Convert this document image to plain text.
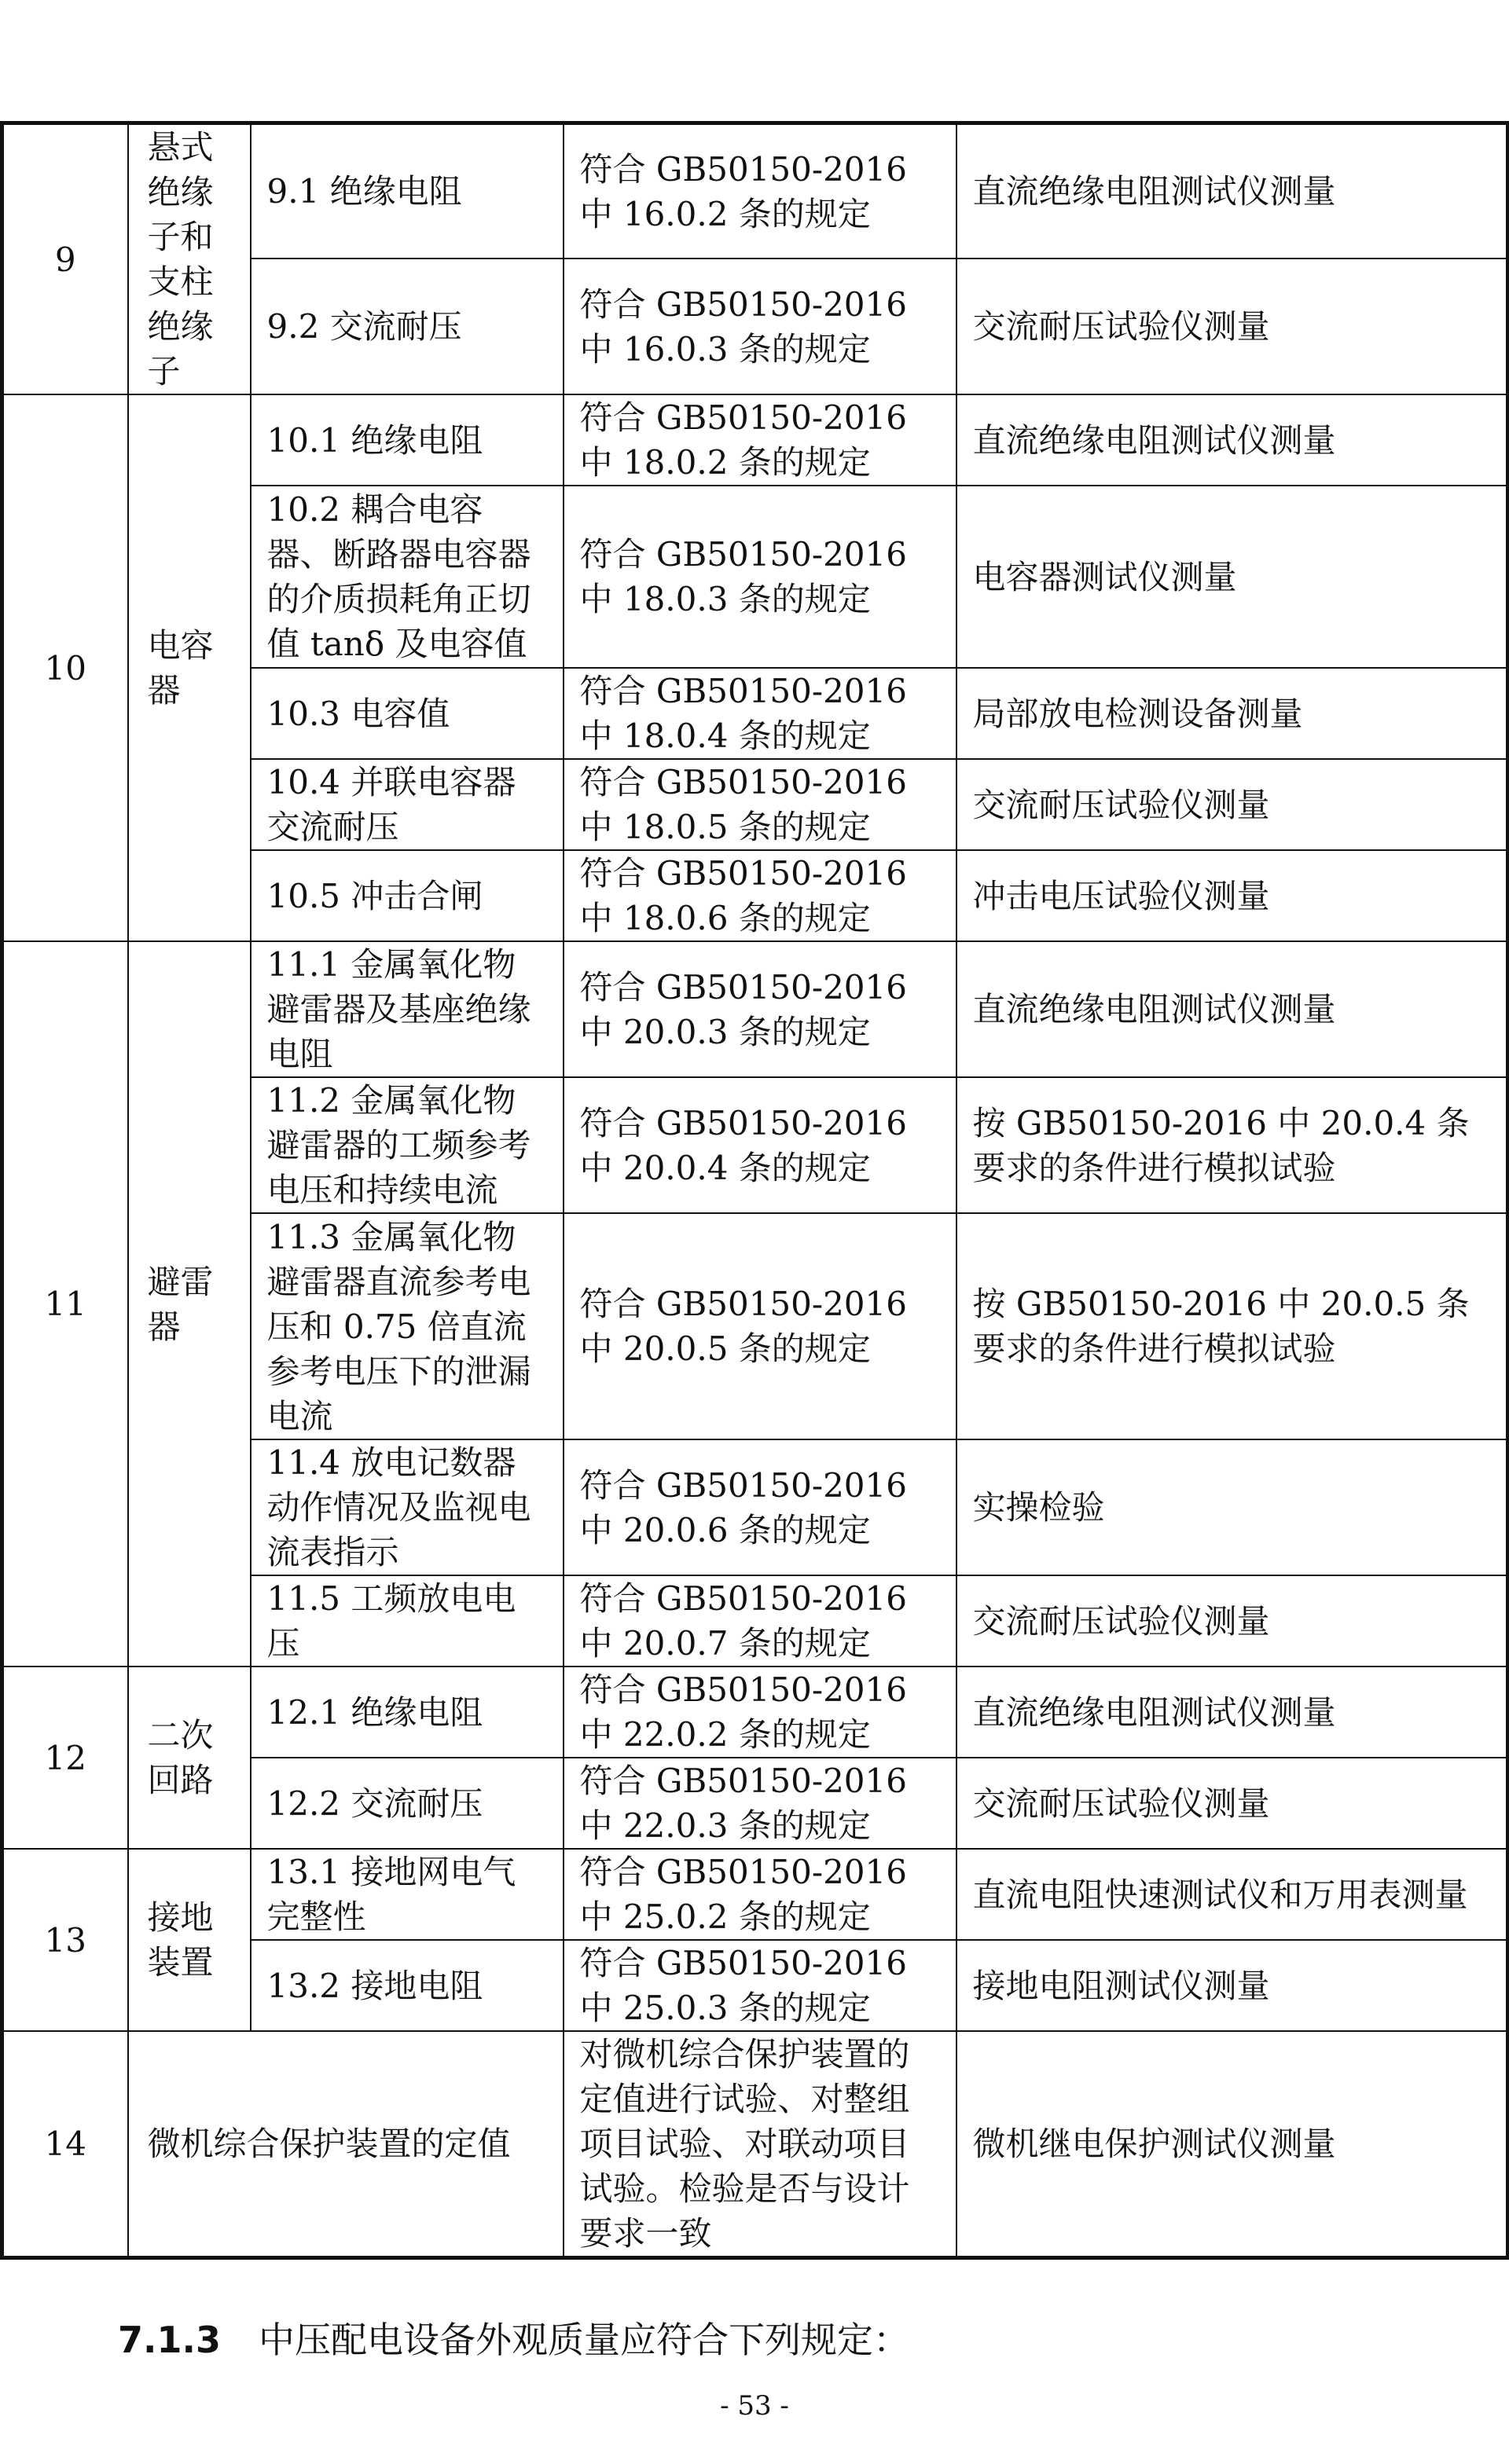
9	悬式绝缘子和支柱绝缘子	9.1 绝缘电阻	符合 GB50150-2016 中 16.0.2 条的规定	直流绝缘电阻测试仪测量
		9.2 交流耐压	符合 GB50150-2016 中 16.0.3 条的规定	交流耐压试验仪测量
10	电容器	10.1 绝缘电阻	符合 GB50150-2016 中 18.0.2 条的规定	直流绝缘电阻测试仪测量
		10.2 耦合电容器、断路器电容器的介质损耗角正切值 tanδ 及电容值	符合 GB50150-2016 中 18.0.3 条的规定	电容器测试仪测量
		10.3 电容值	符合 GB50150-2016 中 18.0.4 条的规定	局部放电检测设备测量
		10.4 并联电容器交流耐压	符合 GB50150-2016 中 18.0.5 条的规定	交流耐压试验仪测量
		10.5 冲击合闸	符合 GB50150-2016 中 18.0.6 条的规定	冲击电压试验仪测量
11	避雷器	11.1 金属氧化物避雷器及基座绝缘电阻	符合 GB50150-2016 中 20.0.3 条的规定	直流绝缘电阻测试仪测量
		11.2 金属氧化物避雷器的工频参考电压和持续电流	符合 GB50150-2016 中 20.0.4 条的规定	按 GB50150-2016 中 20.0.4 条要求的条件进行模拟试验
		11.3 金属氧化物避雷器直流参考电压和 0.75 倍直流参考电压下的泄漏电流	符合 GB50150-2016 中 20.0.5 条的规定	按 GB50150-2016 中 20.0.5 条要求的条件进行模拟试验
		11.4 放电记数器动作情况及监视电流表指示	符合 GB50150-2016 中 20.0.6 条的规定	实操检验
		11.5 工频放电电压	符合 GB50150-2016 中 20.0.7 条的规定	交流耐压试验仪测量
12	二次回路	12.1 绝缘电阻	符合 GB50150-2016 中 22.0.2 条的规定	直流绝缘电阻测试仪测量
		12.2 交流耐压	符合 GB50150-2016 中 22.0.3 条的规定	交流耐压试验仪测量
13	接地装置	13.1 接地网电气完整性	符合 GB50150-2016 中 25.0.2 条的规定	直流电阻快速测试仪和万用表测量
		13.2 接地电阻	符合 GB50150-2016 中 25.0.3 条的规定	接地电阻测试仪测量
14	微机综合保护装置的定值		对微机综合保护装置的定值进行试验、对整组项目试验、对联动项目试验。检验是否与设计要求一致	微机继电保护测试仪测量
7.1.3 中压配电设备外观质量应符合下列规定：
- 53 -
